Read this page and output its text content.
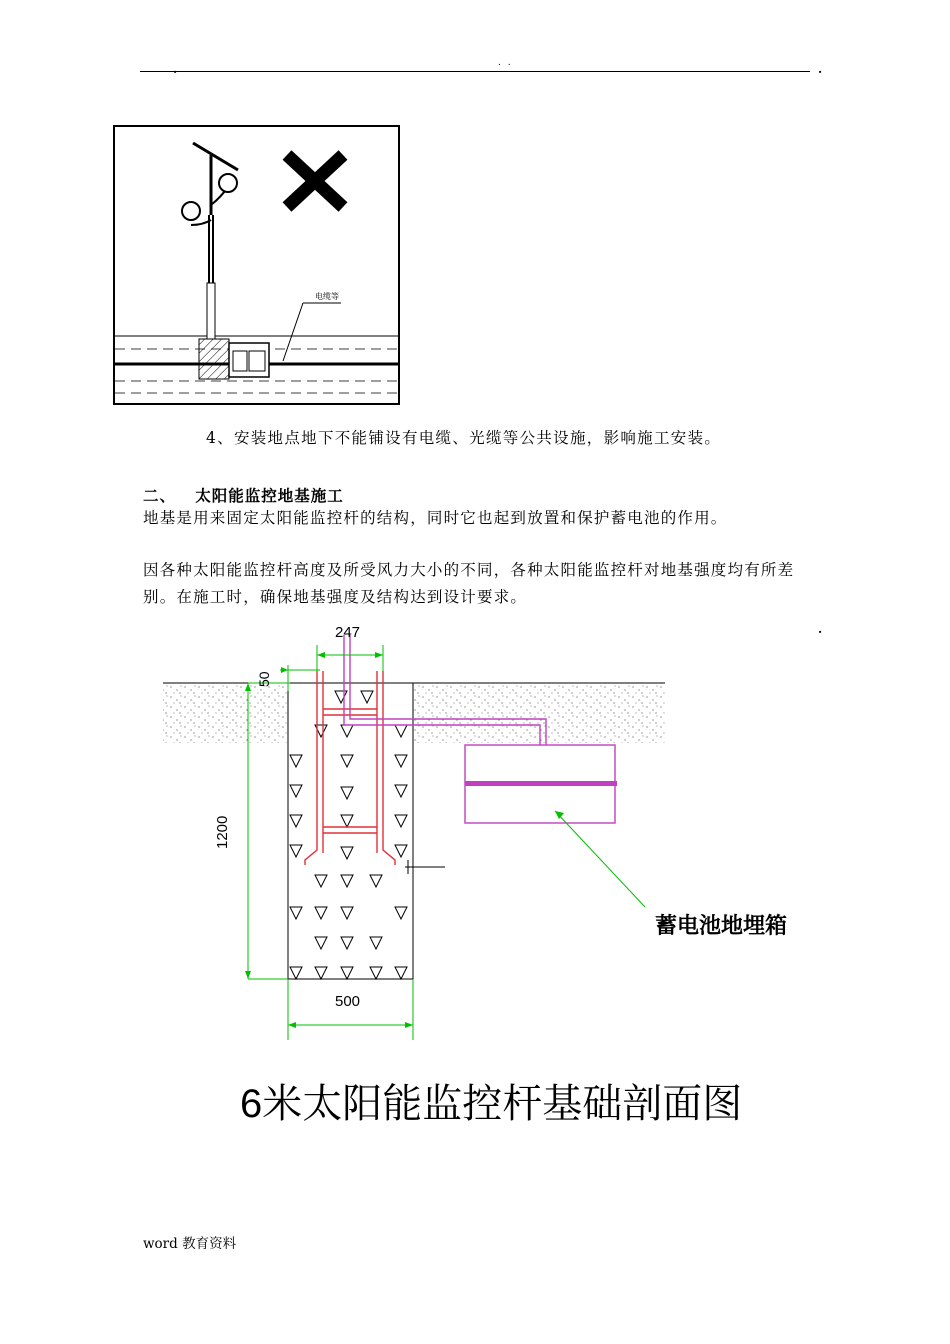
. .
.	.
电缆等
4、安装地点地下不能铺设有电缆、光缆等公共设施，影响施工安装。
二、   太阳能监控地基施工
地基是用来固定太阳能监控杆的结构，同时它也起到放置和保护蓄电池的作用。
因各种太阳能监控杆高度及所受风力大小的不同，各种太阳能监控杆对地基强度均有所差别。在施工时，确保地基强度及结构达到设计要求。
.
247
50
1200
500
蓄电池地埋箱
6米太阳能监控杆基础剖面图
word 教育资料
